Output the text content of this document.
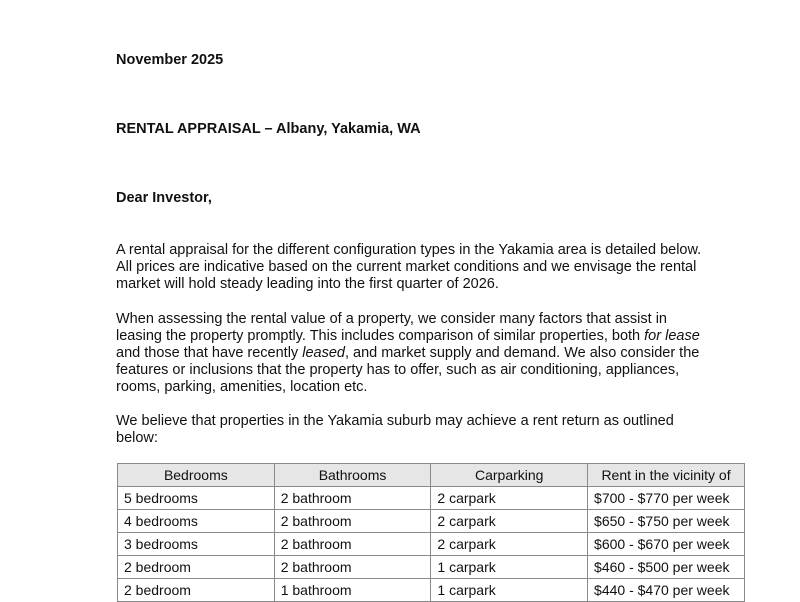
November 2025
RENTAL APPRAISAL – Albany, Yakamia, WA
Dear Investor,
A rental appraisal for the different configuration types in the Yakamia area is detailed below.
All prices are indicative based on the current market conditions and we envisage the rental
market will hold steady leading into the first quarter of 2026.
When assessing the rental value of a property, we consider many factors that assist in
leasing the property promptly. This includes comparison of similar properties, both for lease
and those that have recently leased, and market supply and demand. We also consider the
features or inclusions that the property has to offer, such as air conditioning, appliances,
rooms, parking, amenities, location etc.
We believe that properties in the Yakamia suburb may achieve a rent return as outlined
below:
Bedrooms	Bathrooms	Carparking	Rent in the vicinity of
5 bedrooms	2 bathroom	2 carpark	$700 - $770 per week
4 bedrooms	2 bathroom	2 carpark	$650 - $750 per week
3 bedrooms	2 bathroom	2 carpark	$600 - $670 per week
2 bedroom	2 bathroom	1 carpark	$460 - $500 per week
2 bedroom	1 bathroom	1 carpark	$440 - $470 per week
